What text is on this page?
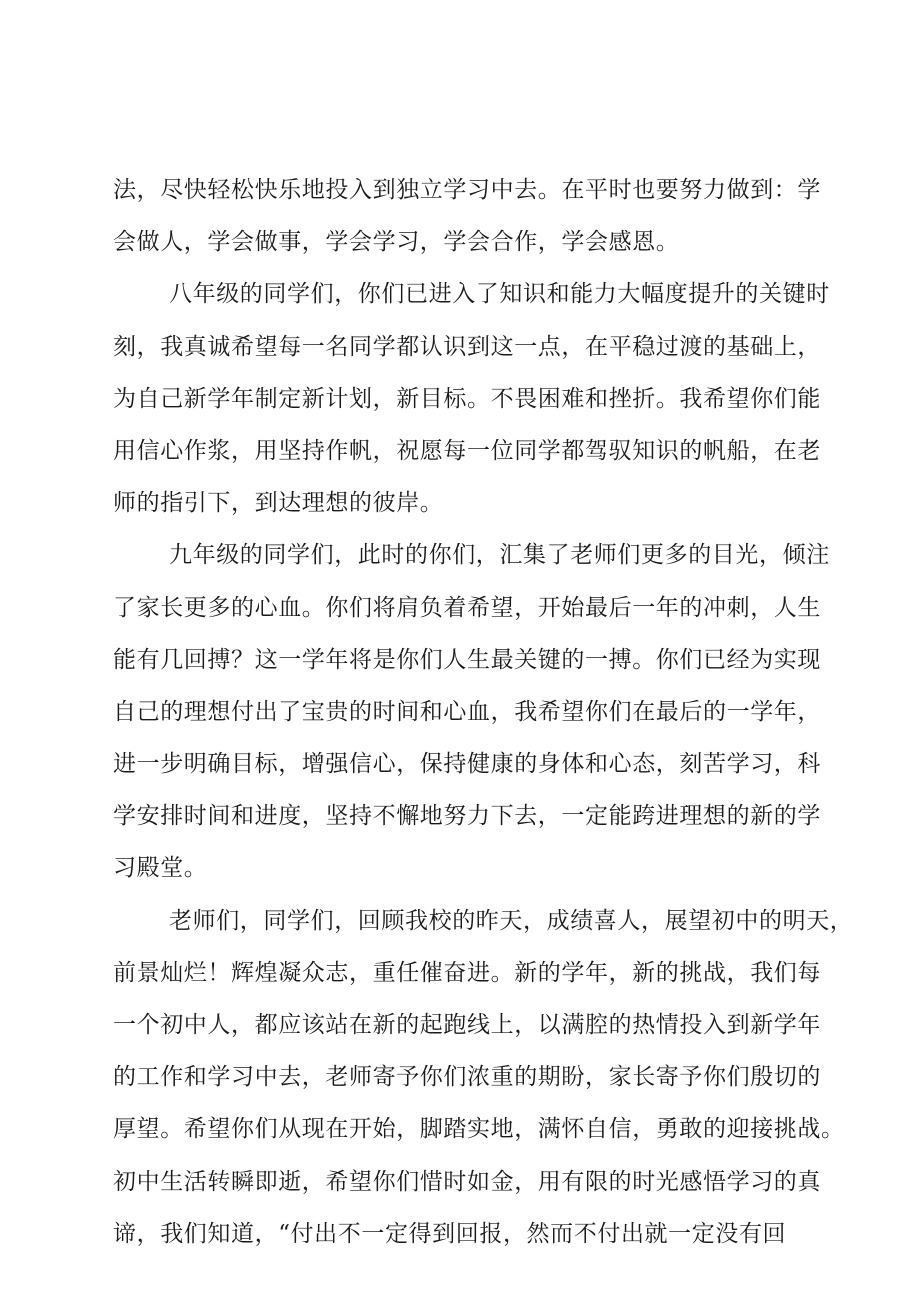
法，尽快轻松快乐地投入到独立学习中去。在平时也要努力做到：学
会做人，学会做事，学会学习，学会合作，学会感恩。
八年级的同学们，你们已进入了知识和能力大幅度提升的关键时
刻，我真诚希望每一名同学都认识到这一点，在平稳过渡的基础上，
为自己新学年制定新计划，新目标。不畏困难和挫折。我希望你们能
用信心作浆，用坚持作帆，祝愿每一位同学都驾驭知识的帆船，在老
师的指引下，到达理想的彼岸。
九年级的同学们，此时的你们，汇集了老师们更多的目光，倾注
了家长更多的心血。你们将肩负着希望，开始最后一年的冲刺，人生
能有几回搏？这一学年将是你们人生最关键的一搏。你们已经为实现
自己的理想付出了宝贵的时间和心血，我希望你们在最后的一学年，
进一步明确目标，增强信心，保持健康的身体和心态，刻苦学习，科
学安排时间和进度，坚持不懈地努力下去，一定能跨进理想的新的学
习殿堂。
老师们，同学们，回顾我校的昨天，成绩喜人，展望初中的明天，
前景灿烂！辉煌凝众志，重任催奋进。新的学年，新的挑战，我们每
一个初中人，都应该站在新的起跑线上，以满腔的热情投入到新学年
的工作和学习中去，老师寄予你们浓重的期盼，家长寄予你们殷切的
厚望。希望你们从现在开始，脚踏实地，满怀自信，勇敢的迎接挑战。
初中生活转瞬即逝，希望你们惜时如金，用有限的时光感悟学习的真
谛，我们知道，“付出不一定得到回报，然而不付出就一定没有回
